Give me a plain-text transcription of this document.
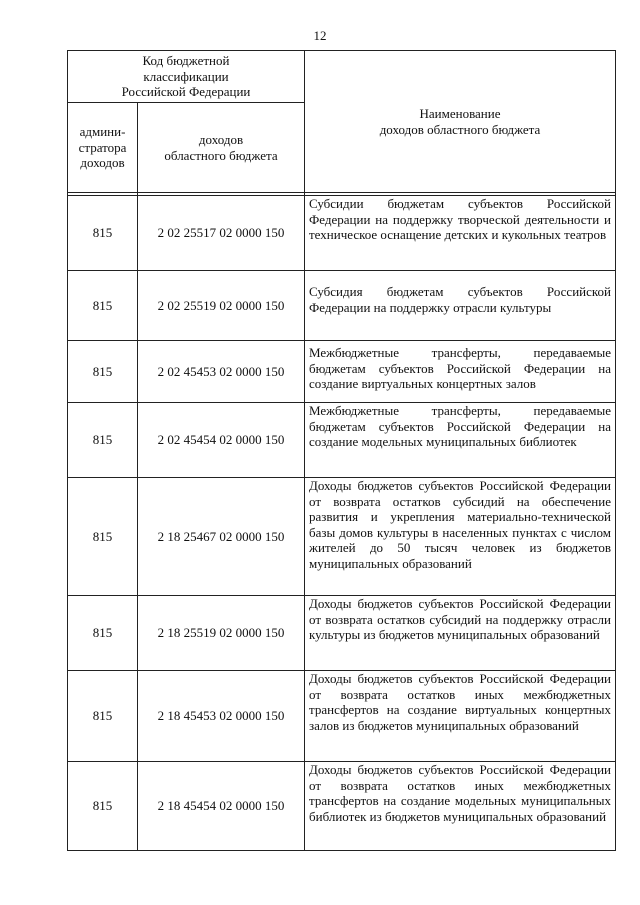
12
Код бюджетной
классификации
Российской Федерации		Наименование
доходов областного бюджета

админи-
стратора
доходов	доходов
областного бюджета	

815	2 02 25517 02 0000 150	Субсидии бюджетам субъектов Российской Федерации на поддержку творческой деятельности и техническое оснащение детских и кукольных театров

815	2 02 25519 02 0000 150	Субсидия бюджетам субъектов Российской Федерации на поддержку отрасли культуры

815	2 02 45453 02 0000 150	Межбюджетные трансферты, передаваемые бюджетам субъектов Российской Федерации на создание виртуальных концертных залов

815	2 02 45454 02 0000 150	Межбюджетные трансферты, передаваемые бюджетам субъектов Российской Федерации на создание модельных муниципальных библиотек

815	2 18 25467 02 0000 150	Доходы бюджетов субъектов Российской Федерации от возврата остатков субсидий на обеспечение развития и укрепления материально-технической базы домов культуры в населенных пунктах с числом жителей до 50 тысяч человек из бюджетов муниципальных образований

815	2 18 25519 02 0000 150	Доходы бюджетов субъектов Российской Федерации от возврата остатков субсидий на поддержку отрасли культуры из бюджетов муниципальных образований

815	2 18 45453 02 0000 150	Доходы бюджетов субъектов Российской Федерации от возврата остатков иных межбюджетных трансфертов на создание виртуальных концертных залов из бюджетов муниципальных образований

815	2 18 45454 02 0000 150	Доходы бюджетов субъектов Российской Федерации от возврата остатков иных межбюджетных трансфертов на создание модельных муниципальных библиотек из бюджетов муниципальных образований
